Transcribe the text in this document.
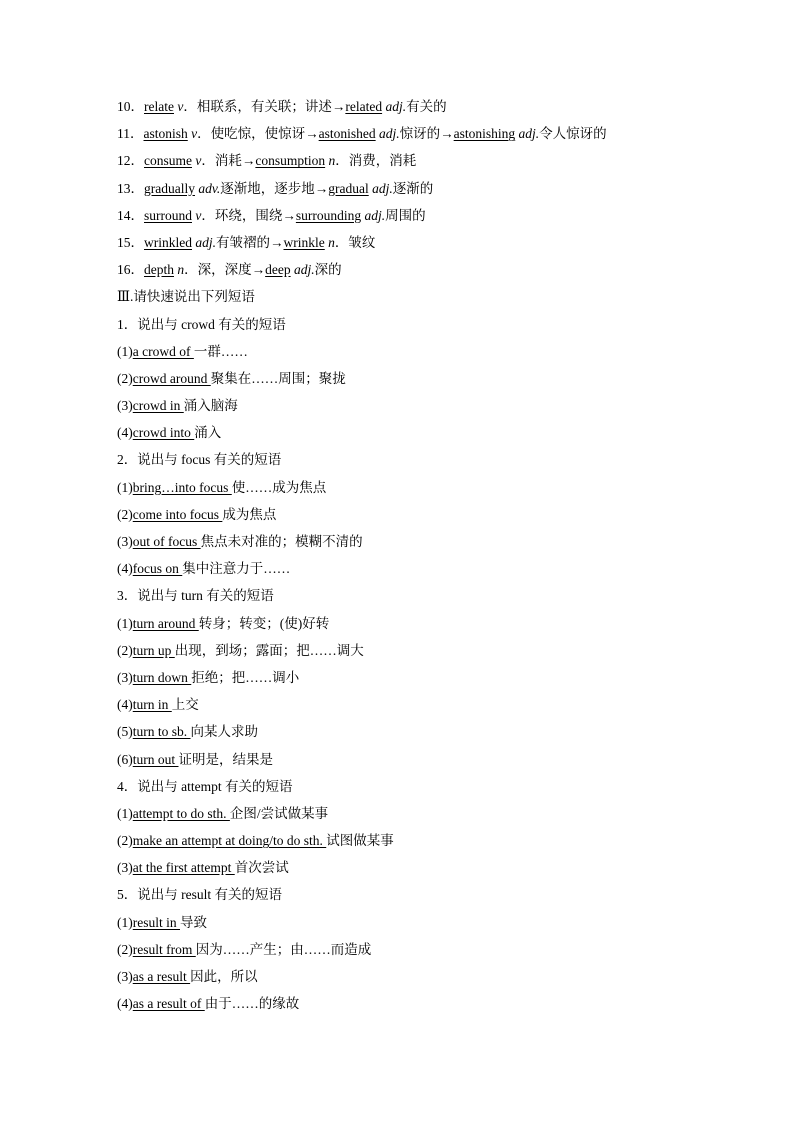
10．relate v．相联系，有关联；讲述→related adj.有关的
11．astonish v．使吃惊，使惊讶→astonished adj.惊讶的→astonishing adj.令人惊讶的
12．consume v．消耗→consumption n．消费，消耗
13．gradually adv.逐渐地，逐步地→gradual adj.逐渐的
14．surround v．环绕，围绕→surrounding adj.周围的
15．wrinkled adj.有皱褶的→wrinkle n．皱纹
16．depth n．深，深度→deep adj.深的
Ⅲ.请快速说出下列短语
1．说出与 crowd 有关的短语
(1)a crowd of 一群……
(2)crowd around 聚集在……周围；聚拢
(3)crowd in 涌入脑海
(4)crowd into 涌入
2．说出与 focus 有关的短语
(1)bring…into focus 使……成为焦点
(2)come into focus 成为焦点
(3)out of focus 焦点未对准的；模糊不清的
(4)focus on 集中注意力于……
3．说出与 turn 有关的短语
(1)turn around 转身；转变；(使)好转
(2)turn up 出现，到场；露面；把……调大
(3)turn down 拒绝；把……调小
(4)turn in 上交
(5)turn to sb. 向某人求助
(6)turn out 证明是，结果是
4．说出与 attempt 有关的短语
(1)attempt to do sth. 企图/尝试做某事
(2)make an attempt at doing/to do sth. 试图做某事
(3)at the first attempt 首次尝试
5．说出与 result 有关的短语
(1)result in 导致
(2)result from 因为……产生；由……而造成
(3)as a result 因此，所以
(4)as a result of 由于……的缘故
